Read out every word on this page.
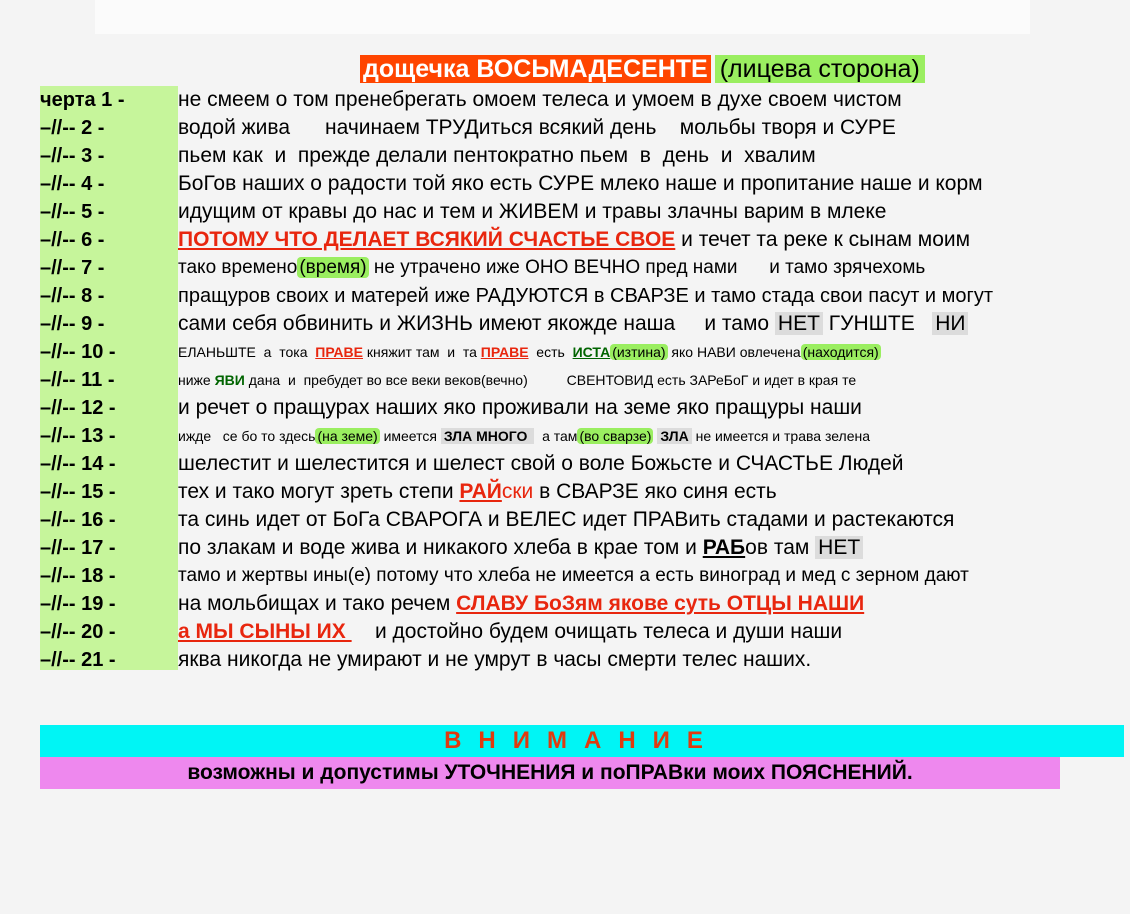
дощечка ВОСЬМАДЕСЕНТЕ (лицева сторона)
черта 1 -	не смеем о том пренебрегать омоем телеса и умоем в духе своем чистом
–//-- 2 -	водой жива      начинаем ТРУДиться всякий день    мольбы творя и СУРЕ
–//-- 3 -	пьем как  и  прежде делали пентократно пьем  в  день  и  хвалим
–//-- 4 -	БоГов наших о радости той яко есть СУРЕ млеко наше и пропитание наше и корм
–//-- 5 -	идущим от кравы до нас и тем и ЖИВЕМ и травы злачны варим в млеке
–//-- 6 -	ПОТОМУ ЧТО ДЕЛАЕТ ВСЯКИЙ СЧАСТЬЕ СВОЕ и течет та реке к сынам моим
–//-- 7 -	тако времено (время) не утрачено иже ОНО ВЕЧНО пред нами      и тамо зрячехомь
–//-- 8 -	пращуров своих и матерей иже РАДУЮТСЯ в СВАРЗЕ и тамо стада свои пасут и могут
–//-- 9 -	сами себя обвинить и ЖИЗНЬ имеют якожде наша     и тамо НЕТ ГУНШТЕ   НИ
–//-- 10 -	ЕЛАНЬШТЕ  а  тока  ПРАВЕ княжит там  и  та ПРАВЕ  есть  ИСТА (изтина) яко НАВИ овлечена (находится)
–//-- 11 -	ниже ЯВИ дана  и  пребудет во все веки веков(вечно)          СВЕНТОВИД есть ЗАРеБоГ и идет в края те
–//-- 12 -	и речет о пращурах наших яко проживали на земе яко пращуры наши
–//-- 13 -	ижде   се бо то здесь (на земе) имеется ЗЛА МНОГО   а там (во сварзе) ЗЛА не имеется и трава зелена
–//-- 14 -	шелестит и шелестится и шелест свой о воле Божьсте и СЧАСТЬЕ Людей
–//-- 15 -	тех и тако могут зреть степи РАЙски в СВАРЗЕ яко синя есть
–//-- 16 -	та синь идет от БоГа СВАРОГА и ВЕЛЕС идет ПРАВить стадами и растекаются
–//-- 17 -	по злакам и воде жива и никакого хлеба в крае том и РАБов там НЕТ
–//-- 18 -	тамо и жертвы ины(е) потому что хлеба не имеется а есть виноград и мед с зерном дают
–//-- 19 -	на мольбищах и тако речем СЛАВУ БоЗям якове суть ОТЦЫ НАШИ
–//-- 20 -	а МЫ СЫНЫ ИХ     и достойно будем очищать телеса и души наши
–//-- 21 -	яква никогда не умирают и не умрут в часы смерти телес наших.
ВНИМАНИЕ
возможны и допустимы УТОЧНЕНИЯ и поПРАВки моих ПОЯСНЕНИЙ.
